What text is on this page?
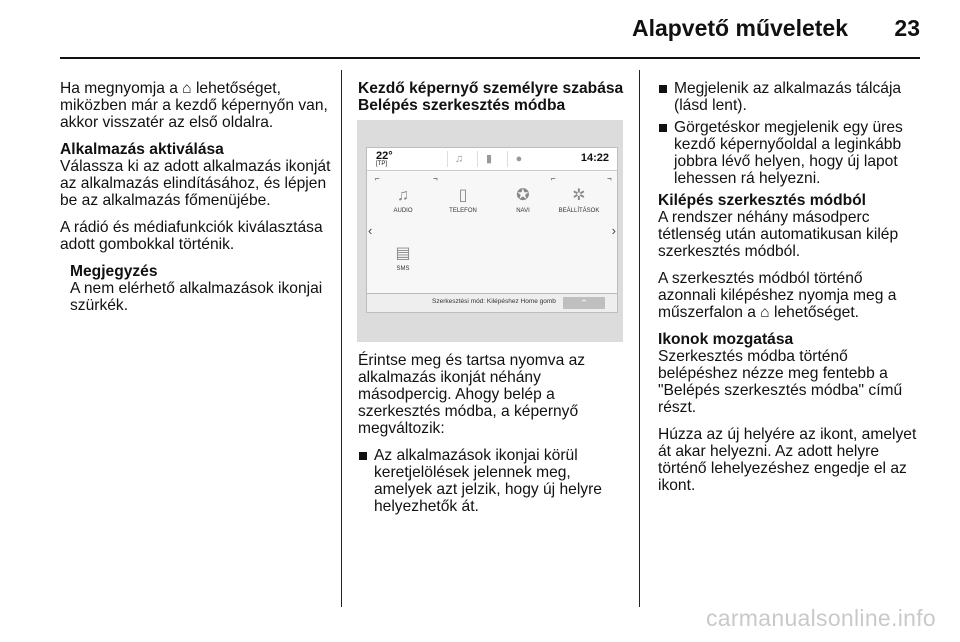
Alapvető műveletek 23

Ha megnyomja a ⌂ lehetőséget, miközben már a kezdő képernyőn van, akkor visszatér az első oldalra.

Alkalmazás aktiválása

Válassza ki az adott alkalmazás ikonját az alkalmazás elindításához, és lépjen be az alkalmazás főmenüjébe.

A rádió és médiafunkciók kiválasztása adott gombokkal történik.

Megjegyzés
A nem elérhető alkalmazások ikonjai szürkék.
Kezdő képernyő személyre szabása
Belépés szerkesztés módba
22°
[TP]	♫	▮	●	14:22
⌐	¬	⌐	¬
♫
AUDIO
▯
TELEFON
✪
NAVI
✲
BEÁLLÍTÁSOK
▤
SMS
‹	›
Szerkesztési mód: Kilépéshez Home gomb	⌃

Érintse meg és tartsa nyomva az alkalmazás ikonját néhány másodpercig. Ahogy belép a szerkesztés módba, a képernyő megváltozik:

Az alkalmazások ikonjai körül keretjelölések jelennek meg, amelyek azt jelzik, hogy új helyre helyezhetők át.
Megjelenik az alkalmazás tálcája (lásd lent).
Görgetéskor megjelenik egy üres kezdő képernyőoldal a leginkább jobbra lévő helyen, hogy új lapot lehessen rá helyezni.
Kilépés szerkesztés módból

A rendszer néhány másodperc tétlenség után automatikusan kilép szerkesztés módból.

A szerkesztés módból történő azonnali kilépéshez nyomja meg a műszerfalon a ⌂ lehetőséget.

Ikonok mozgatása

Szerkesztés módba történő belépéshez nézze meg fentebb a "Belépés szerkesztés módba" című részt.

Húzza az új helyére az ikont, amelyet át akar helyezni. Az adott helyre történő lehelyezéshez engedje el az ikont.

carmanualsonline.info
